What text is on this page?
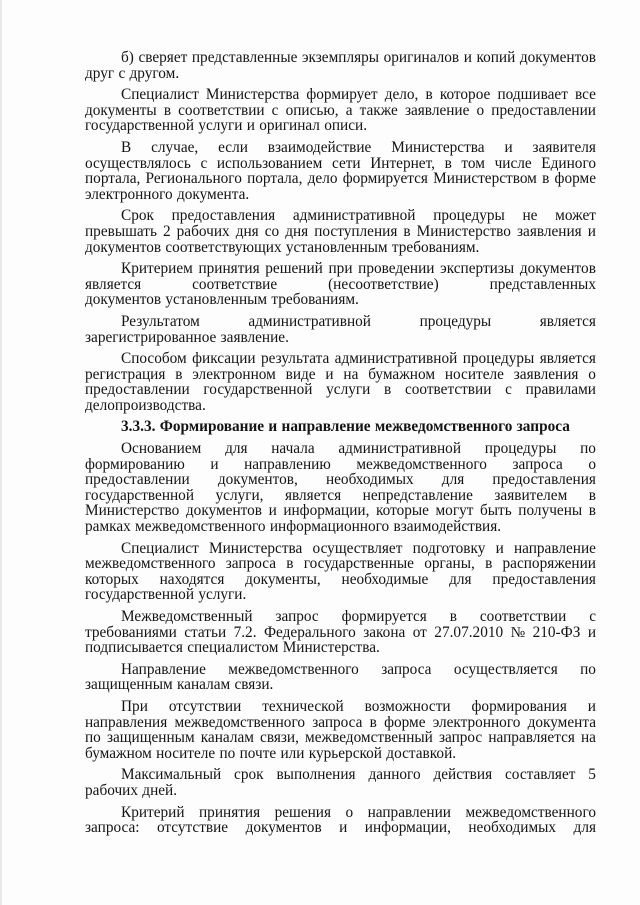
б) сверяет представленные экземпляры оригиналов и копий документов
друг с другом.
Специалист Министерства формирует дело, в которое подшивает все
документы в соответствии с описью, а также заявление о предоставлении
государственной услуги и оригинал описи.
В случае, если взаимодействие Министерства и заявителя
осуществлялось с использованием сети Интернет, в том числе Единого
портала, Регионального портала, дело формируется Министерством в форме
электронного документа.
Срок предоставления административной процедуры не может
превышать 2 рабочих дня со дня поступления в Министерство заявления и
документов соответствующих установленным требованиям.
Критерием принятия решений при проведении экспертизы документов
является	соответствие	(несоответствие)	представленных
документов установленным требованиям.
Результатом	административной	процедуры	является
зарегистрированное заявление.
Способом фиксации результата административной процедуры является
регистрация в электронном виде и на бумажном носителе заявления о
предоставлении государственной услуги в соответствии с правилами
делопроизводства.
3.3.3. Формирование и направление межведомственного запроса
Основанием для начала административной процедуры по
формированию и направлению межведомственного запроса о
предоставлении документов, необходимых для предоставления
государственной услуги, является непредставление заявителем в
Министерство документов и информации, которые могут быть получены в
рамках межведомственного информационного взаимодействия.
Специалист Министерства осуществляет подготовку и направление
межведомственного запроса в государственные органы, в распоряжении
которых находятся документы, необходимые для предоставления
государственной услуги.
Межведомственный запрос формируется в соответствии с
требованиями статьи 7.2. Федерального закона от 27.07.2010 № 210-ФЗ и
подписывается специалистом Министерства.
Направление межведомственного запроса осуществляется по
защищенным каналам связи.
При отсутствии технической возможности формирования и
направления межведомственного запроса в форме электронного документа
по защищенным каналам связи, межведомственный запрос направляется на
бумажном носителе по почте или курьерской доставкой.
Максимальный срок выполнения данного действия составляет 5
рабочих дней.
Критерий принятия решения о направлении межведомственного
запроса: отсутствие документов и информации, необходимых для
